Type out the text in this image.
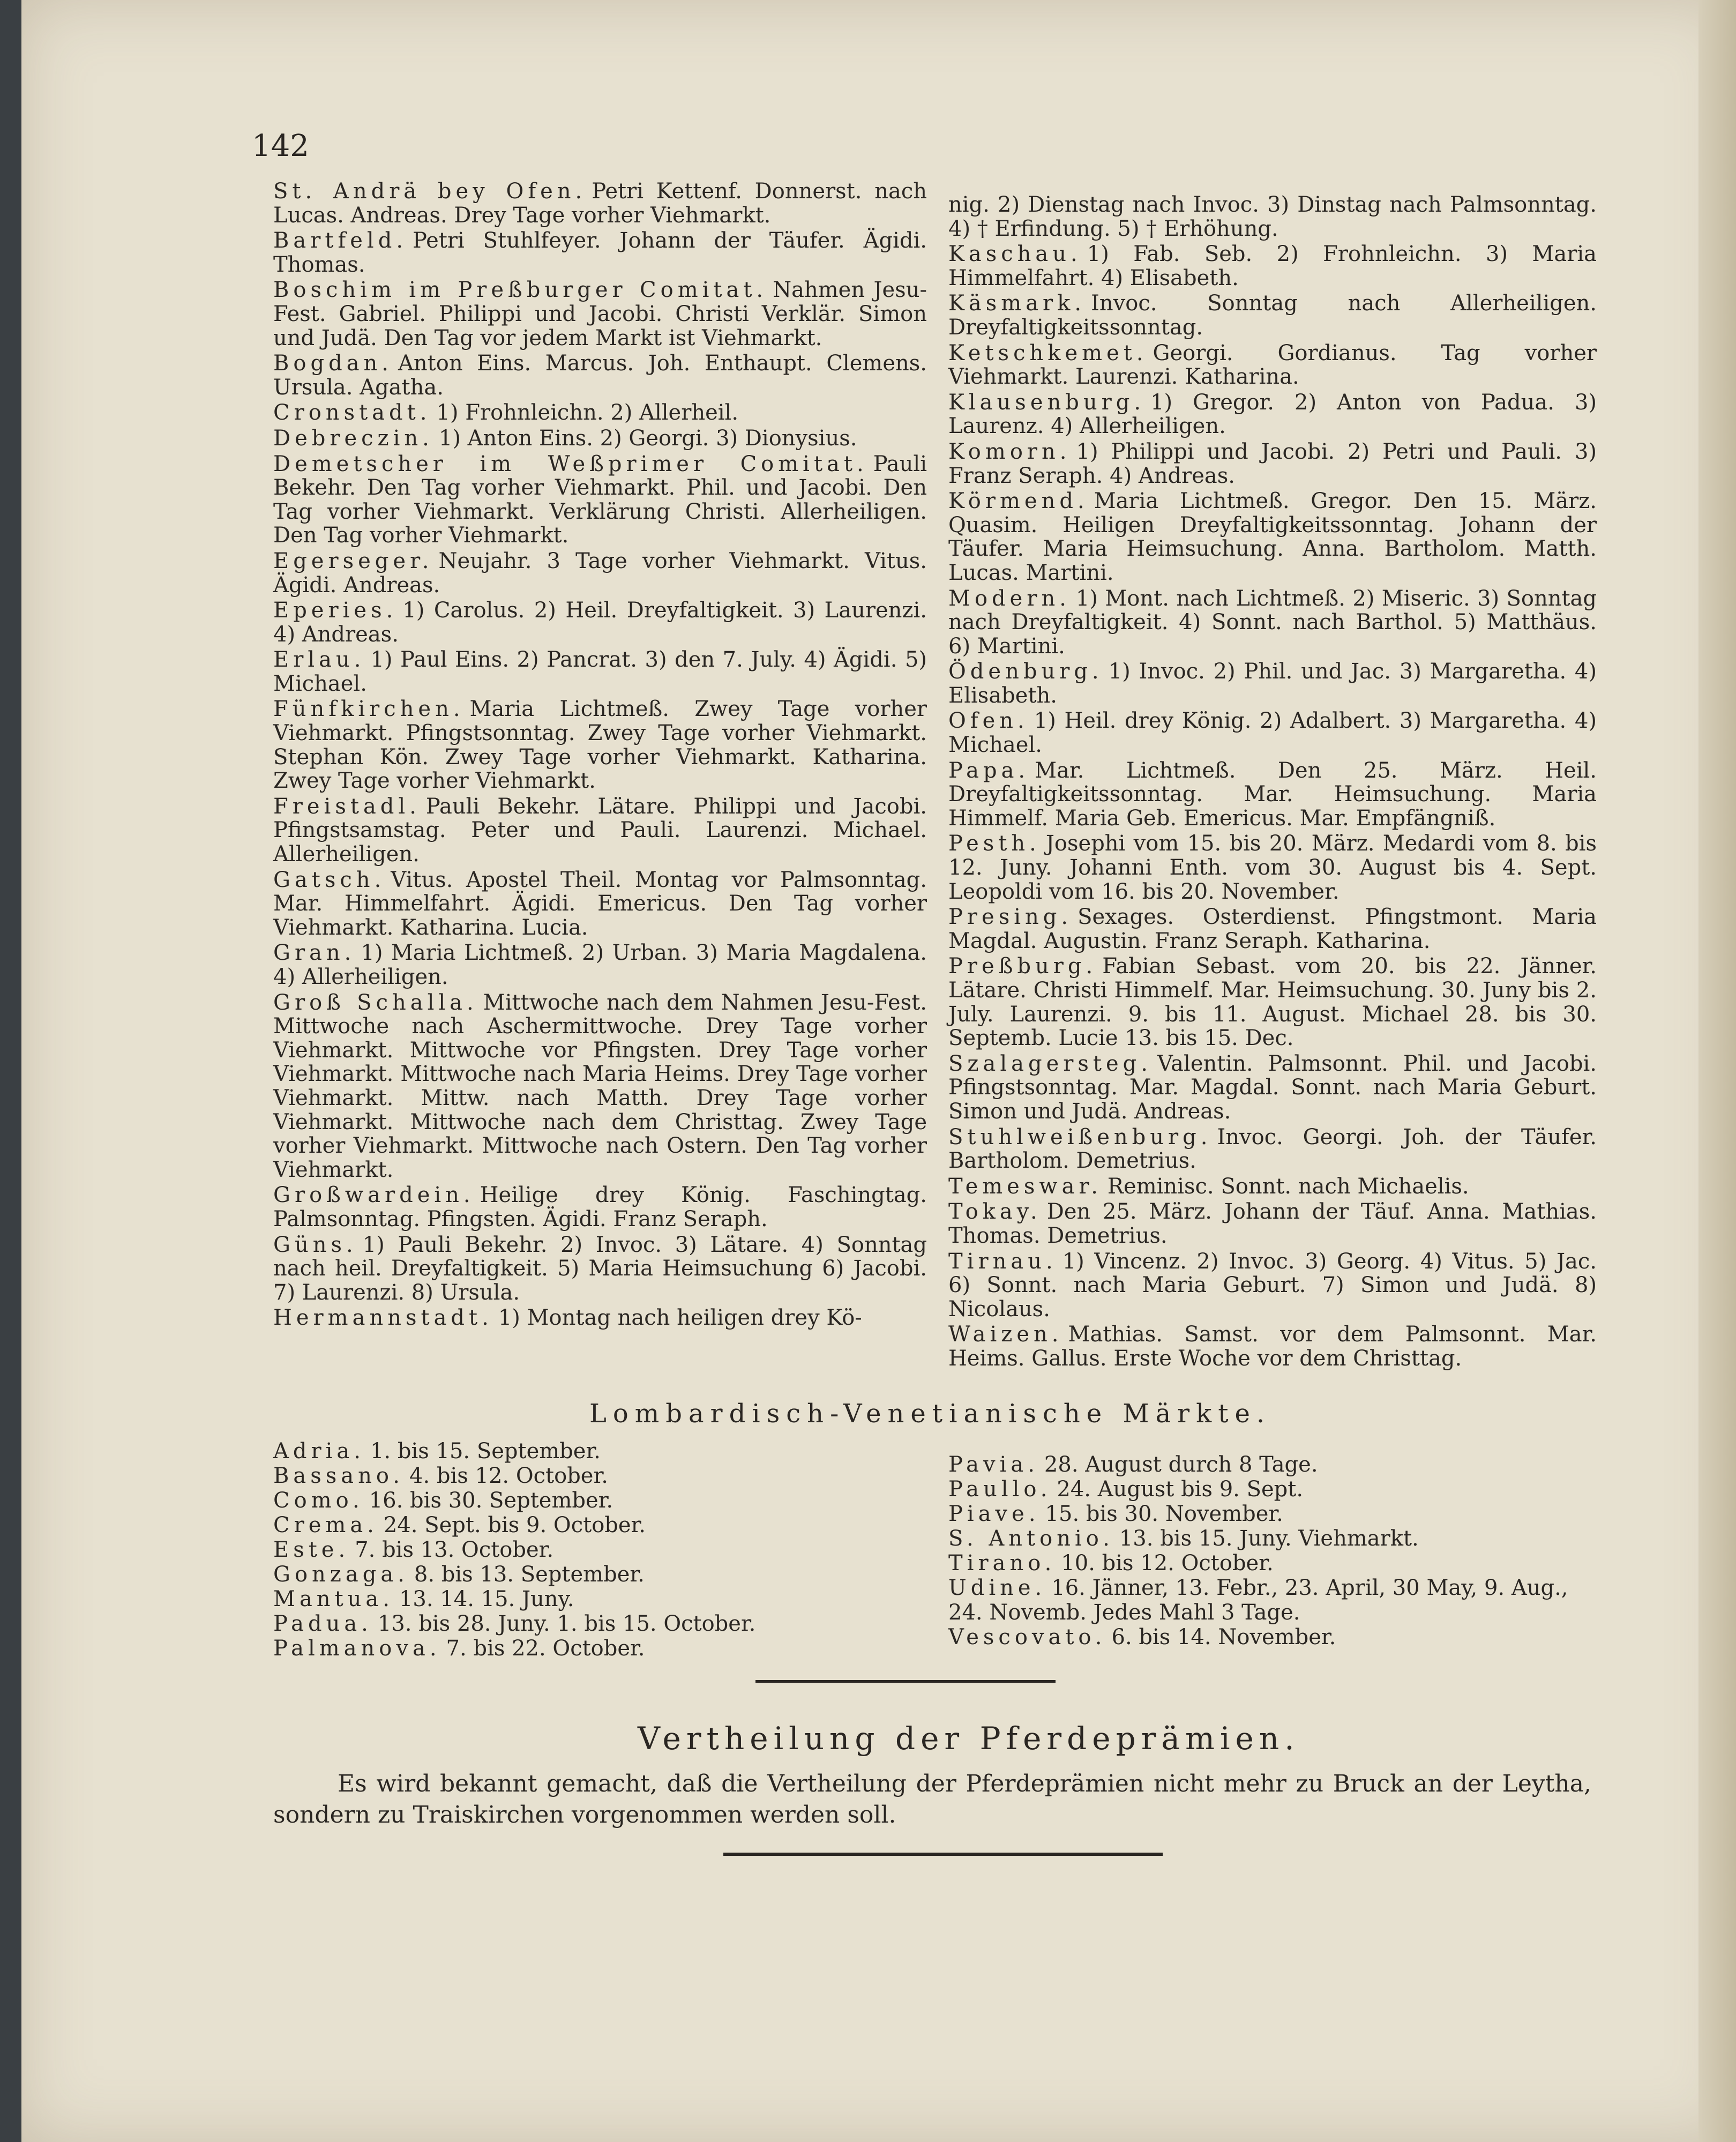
142
St. Andrä bey Ofen. Petri Kettenf. Donnerst. nach Lucas. Andreas. Drey Tage vorher Viehmarkt.
Bartfeld. Petri Stuhlfeyer. Johann der Täufer. Ägidi. Thomas.
Boschim im Preßburger Comitat. Nahmen Jesu-Fest. Gabriel. Philippi und Jacobi. Christi Verklär. Simon und Judä. Den Tag vor jedem Markt ist Viehmarkt.
Bogdan. Anton Eins. Marcus. Joh. Enthaupt. Clemens. Ursula. Agatha.
Cronstadt. 1) Frohnleichn. 2) Allerheil.
Debreczin. 1) Anton Eins. 2) Georgi. 3) Dionysius.
Demetscher im Weßprimer Comitat. Pauli Bekehr. Den Tag vorher Viehmarkt. Phil. und Jacobi. Den Tag vorher Viehmarkt. Verklärung Christi. Allerheiligen. Den Tag vorher Viehmarkt.
Egerseger. Neujahr. 3 Tage vorher Viehmarkt. Vitus. Ägidi. Andreas.
Eperies. 1) Carolus. 2) Heil. Dreyfaltigkeit. 3) Laurenzi. 4) Andreas.
Erlau. 1) Paul Eins. 2) Pancrat. 3) den 7. July. 4) Ägidi. 5) Michael.
Fünfkirchen. Maria Lichtmeß. Zwey Tage vorher Viehmarkt. Pfingstsonntag. Zwey Tage vorher Viehmarkt. Stephan Kön. Zwey Tage vorher Viehmarkt. Katharina. Zwey Tage vorher Viehmarkt.
Freistadl. Pauli Bekehr. Lätare. Philippi und Jacobi. Pfingstsamstag. Peter und Pauli. Laurenzi. Michael. Allerheiligen.
Gatsch. Vitus. Apostel Theil. Montag vor Palmsonntag. Mar. Himmelfahrt. Ägidi. Emericus. Den Tag vorher Viehmarkt. Katharina. Lucia.
Gran. 1) Maria Lichtmeß. 2) Urban. 3) Maria Magdalena. 4) Allerheiligen.
Groß Schalla. Mittwoche nach dem Nahmen Jesu-Fest. Mittwoche nach Aschermittwoche. Drey Tage vorher Viehmarkt. Mittwoche vor Pfingsten. Drey Tage vorher Viehmarkt. Mittwoche nach Maria Heims. Drey Tage vorher Viehmarkt. Mittw. nach Matth. Drey Tage vorher Viehmarkt. Mittwoche nach dem Christtag. Zwey Tage vorher Viehmarkt. Mittwoche nach Ostern. Den Tag vorher Viehmarkt.
Großwardein. Heilige drey König. Faschingtag. Palmsonntag. Pfingsten. Ägidi. Franz Seraph.
Güns. 1) Pauli Bekehr. 2) Invoc. 3) Lätare. 4) Sonntag nach heil. Dreyfaltigkeit. 5) Maria Heimsuchung 6) Jacobi. 7) Laurenzi. 8) Ursula.
Hermannstadt. 1) Montag nach heiligen drey Kö-
nig. 2) Dienstag nach Invoc. 3) Dinstag nach Palmsonntag. 4) † Erfindung. 5) † Erhöhung.
Kaschau. 1) Fab. Seb. 2) Frohnleichn. 3) Maria Himmelfahrt. 4) Elisabeth.
Käsmark. Invoc. Sonntag nach Allerheiligen. Dreyfaltigkeitssonntag.
Ketschkemet. Georgi. Gordianus. Tag vorher Viehmarkt. Laurenzi. Katharina.
Klausenburg. 1) Gregor. 2) Anton von Padua. 3) Laurenz. 4) Allerheiligen.
Komorn. 1) Philippi und Jacobi. 2) Petri und Pauli. 3) Franz Seraph. 4) Andreas.
Körmend. Maria Lichtmeß. Gregor. Den 15. März. Quasim. Heiligen Dreyfaltigkeitssonntag. Johann der Täufer. Maria Heimsuchung. Anna. Bartholom. Matth. Lucas. Martini.
Modern. 1) Mont. nach Lichtmeß. 2) Miseric. 3) Sonntag nach Dreyfaltigkeit. 4) Sonnt. nach Barthol. 5) Matthäus. 6) Martini.
Ödenburg. 1) Invoc. 2) Phil. und Jac. 3) Margaretha. 4) Elisabeth.
Ofen. 1) Heil. drey König. 2) Adalbert. 3) Margaretha. 4) Michael.
Papa. Mar. Lichtmeß. Den 25. März. Heil. Dreyfaltigkeitssonntag. Mar. Heimsuchung. Maria Himmelf. Maria Geb. Emericus. Mar. Empfängniß.
Pesth. Josephi vom 15. bis 20. März. Medardi vom 8. bis 12. Juny. Johanni Enth. vom 30. August bis 4. Sept. Leopoldi vom 16. bis 20. November.
Presing. Sexages. Osterdienst. Pfingstmont. Maria Magdal. Augustin. Franz Seraph. Katharina.
Preßburg. Fabian Sebast. vom 20. bis 22. Jänner. Lätare. Christi Himmelf. Mar. Heimsuchung. 30. Juny bis 2. July. Laurenzi. 9. bis 11. August. Michael 28. bis 30. Septemb. Lucie 13. bis 15. Dec.
Szalagersteg. Valentin. Palmsonnt. Phil. und Jacobi. Pfingstsonntag. Mar. Magdal. Sonnt. nach Maria Geburt. Simon und Judä. Andreas.
Stuhlweißenburg. Invoc. Georgi. Joh. der Täufer. Bartholom. Demetrius.
Temeswar. Reminisc. Sonnt. nach Michaelis.
Tokay. Den 25. März. Johann der Täuf. Anna. Mathias. Thomas. Demetrius.
Tirnau. 1) Vincenz. 2) Invoc. 3) Georg. 4) Vitus. 5) Jac. 6) Sonnt. nach Maria Geburt. 7) Simon und Judä. 8) Nicolaus.
Waizen. Mathias. Samst. vor dem Palmsonnt. Mar. Heims. Gallus. Erste Woche vor dem Christtag.
Lombardisch-Venetianische Märkte.
Adria. 1. bis 15. September.
Bassano. 4. bis 12. October.
Como. 16. bis 30. September.
Crema. 24. Sept. bis 9. October.
Este. 7. bis 13. October.
Gonzaga. 8. bis 13. September.
Mantua. 13. 14. 15. Juny.
Padua. 13. bis 28. Juny. 1. bis 15. October.
Palmanova. 7. bis 22. October.
Pavia. 28. August durch 8 Tage.
Paullo. 24. August bis 9. Sept.
Piave. 15. bis 30. November.
S. Antonio. 13. bis 15. Juny. Viehmarkt.
Tirano. 10. bis 12. October.
Udine. 16. Jänner, 13. Febr., 23. April, 30 May, 9. Aug., 24. Novemb. Jedes Mahl 3 Tage.
Vescovato. 6. bis 14. November.
Vertheilung der Pferdeprämien.
Es wird bekannt gemacht, daß die Vertheilung der Pferdeprämien nicht mehr zu Bruck an der Leytha, sondern zu Traiskirchen vorgenommen werden soll.
